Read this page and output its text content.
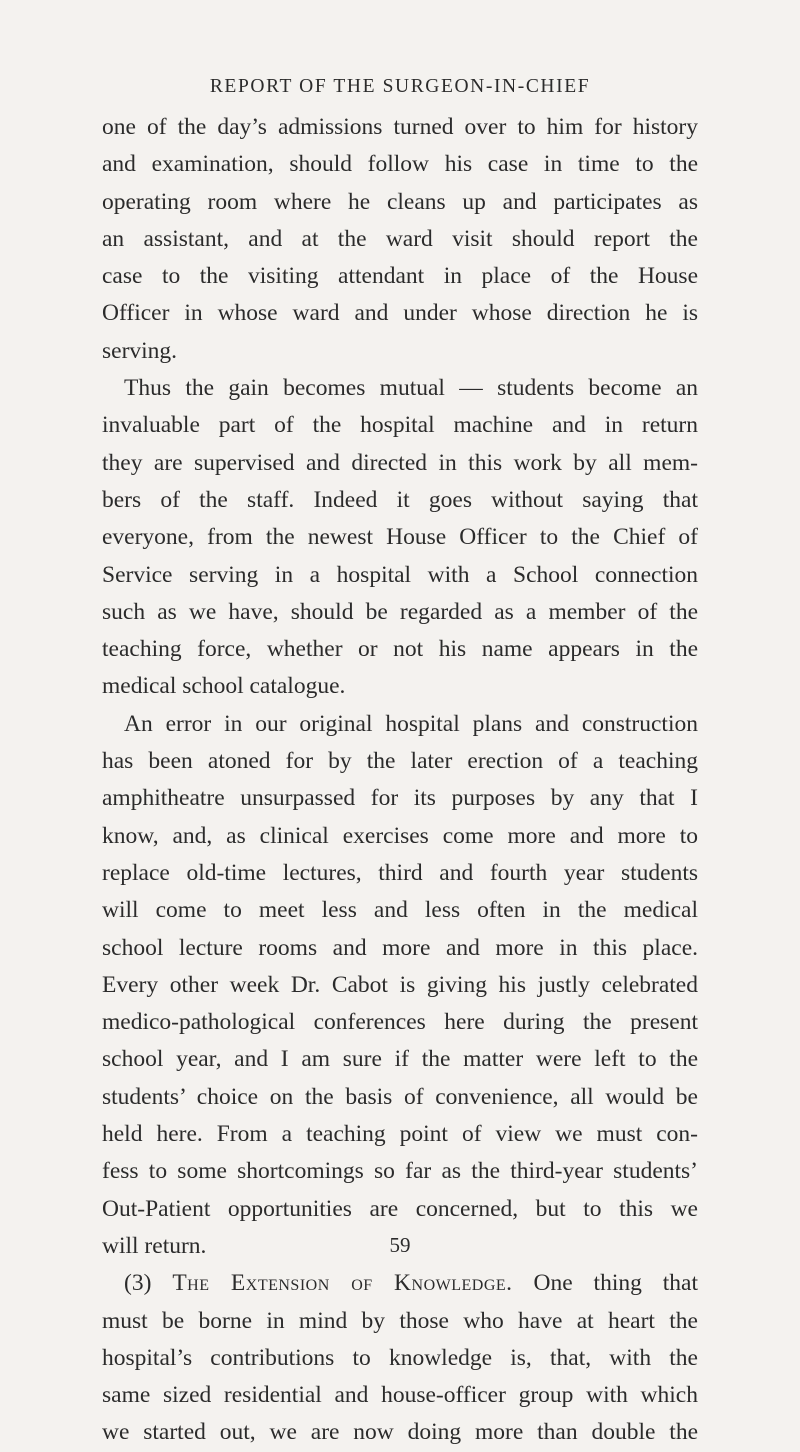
REPORT OF THE SURGEON-IN-CHIEF
one of the day’s admissions turned over to him for history
and examination, should follow his case in time to the
operating room where he cleans up and participates as
an assistant, and at the ward visit should report the
case to the visiting attendant in place of the House
Officer in whose ward and under whose direction he is
serving.
Thus the gain becomes mutual — students become an
invaluable part of the hospital machine and in return
they are supervised and directed in this work by all mem-
bers of the staff. Indeed it goes without saying that
everyone, from the newest House Officer to the Chief of
Service serving in a hospital with a School connection
such as we have, should be regarded as a member of the
teaching force, whether or not his name appears in the
medical school catalogue.
An error in our original hospital plans and construction
has been atoned for by the later erection of a teaching
amphitheatre unsurpassed for its purposes by any that I
know, and, as clinical exercises come more and more to
replace old-time lectures, third and fourth year students
will come to meet less and less often in the medical
school lecture rooms and more and more in this place.
Every other week Dr. Cabot is giving his justly celebrated
medico-pathological conferences here during the present
school year, and I am sure if the matter were left to the
students’ choice on the basis of convenience, all would be
held here. From a teaching point of view we must con-
fess to some shortcomings so far as the third-year students’
Out-Patient opportunities are concerned, but to this we
will return.
(3) The Extension of Knowledge. One thing that
must be borne in mind by those who have at heart the
hospital’s contributions to knowledge is, that, with the
same sized residential and house-officer group with which
we started out, we are now doing more than double the
59
